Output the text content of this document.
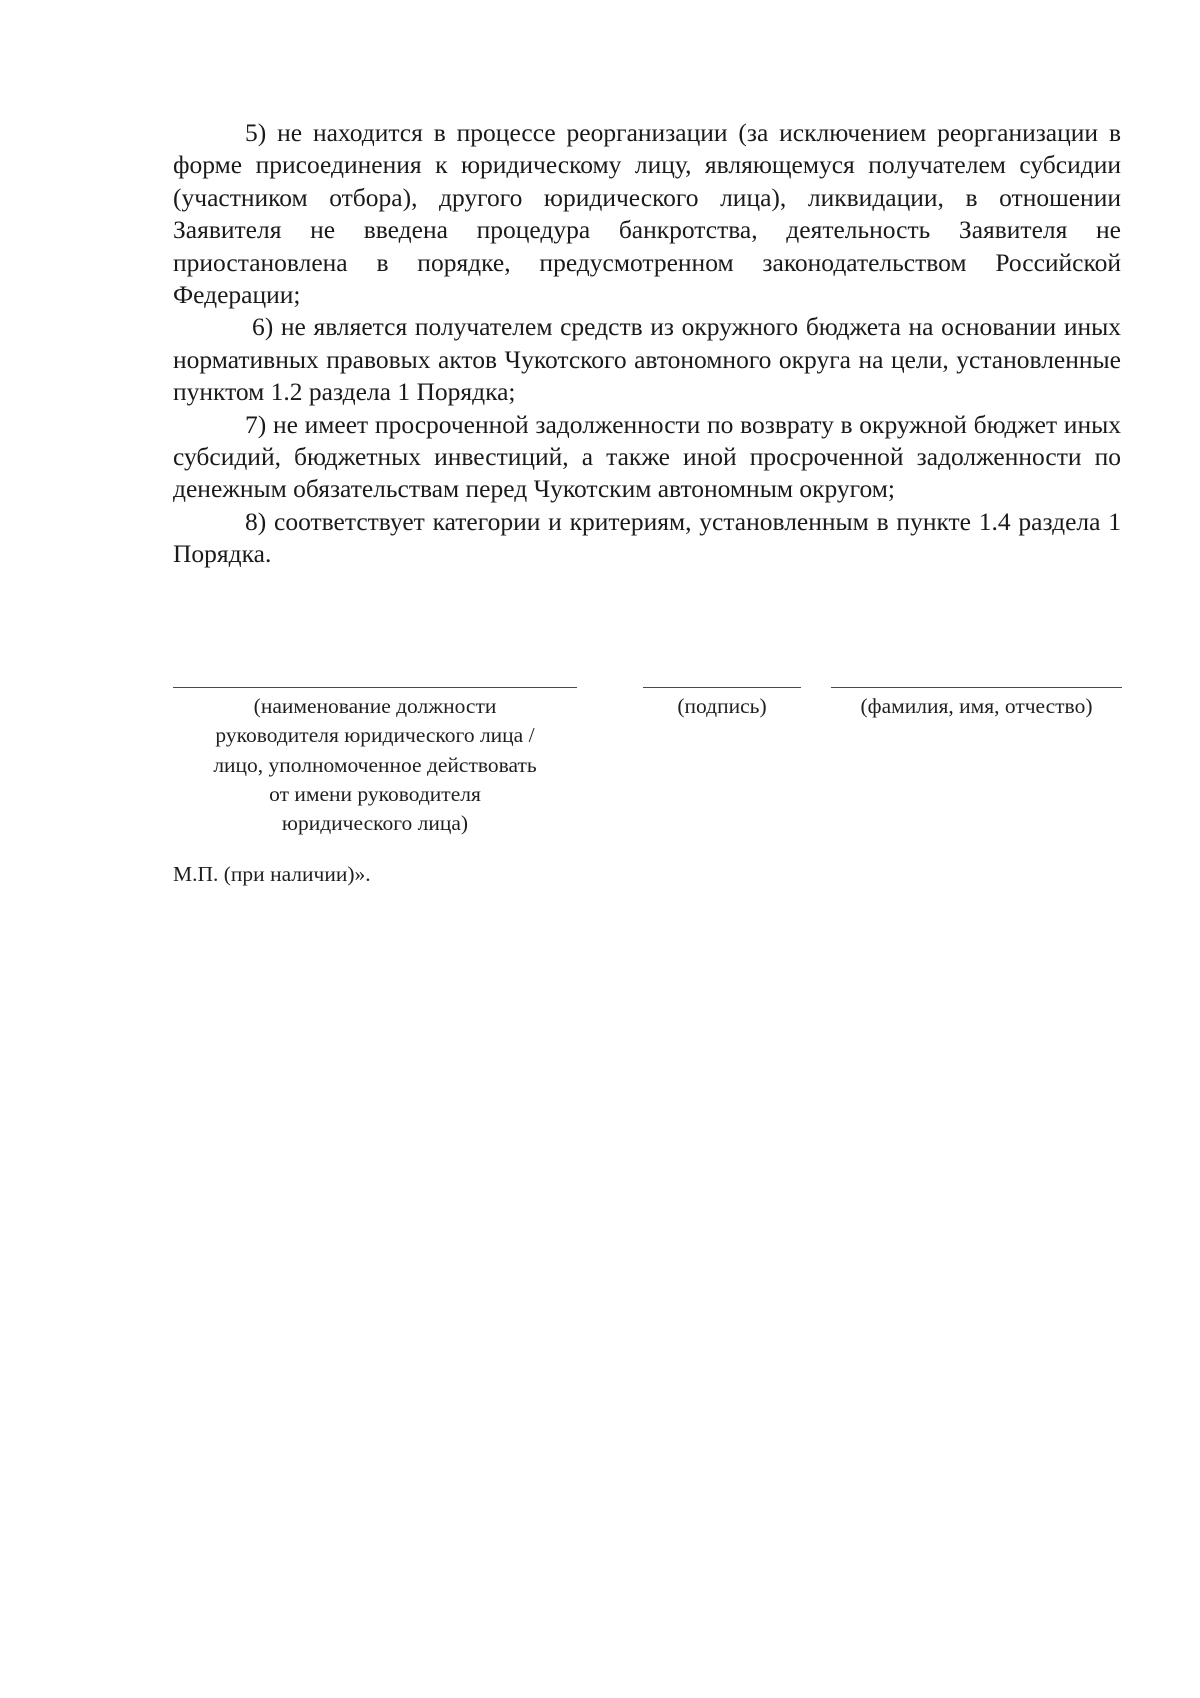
5) не находится в процессе реорганизации (за исключением реорганизации в форме присоединения к юридическому лицу, являющемуся получателем субсидии (участником отбора), другого юридического лица), ликвидации, в отношении Заявителя не введена процедура банкротства, деятельность Заявителя не приостановлена в порядке, предусмотренном законодательством Российской Федерации;

6) не является получателем средств из окружного бюджета на основании иных нормативных правовых актов Чукотского автономного округа на цели, установленные пунктом 1.2 раздела 1 Порядка;

7) не имеет просроченной задолженности по возврату в окружной бюджет иных субсидий, бюджетных инвестиций, а также иной просроченной задолженности по денежным обязательствам перед Чукотским автономным округом;

8) соответствует категории и критериям, установленным в пункте 1.4 раздела 1 Порядка.

(наименование должности
руководителя юридического лица /
лицо, уполномоченное действовать
от имени руководителя
юридического лица)
(подпись)	(фамилия, имя, отчество)
М.П. (при наличии)».
